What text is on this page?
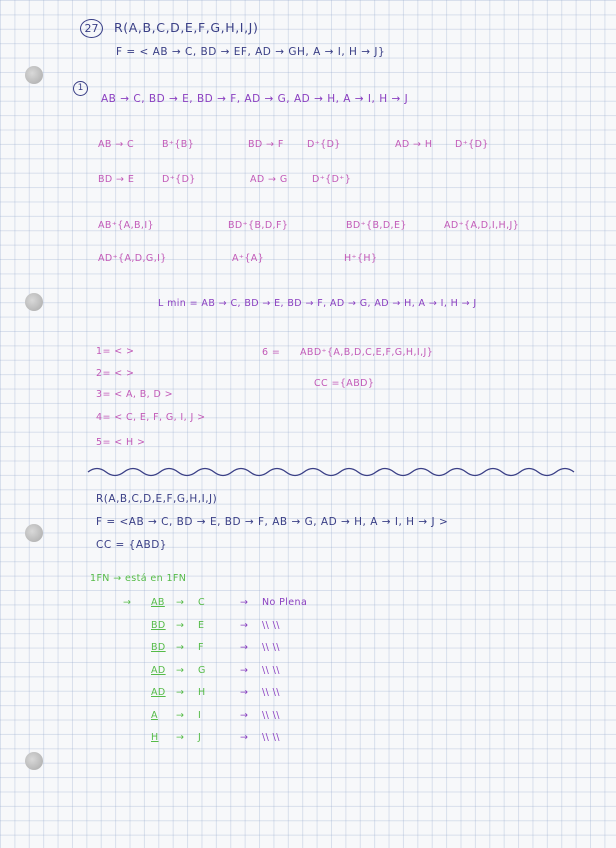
27	R(A,B,C,D,E,F,G,H,I,J)
F = < AB → C, BD → EF, AD → GH, A → I, H → J}
1
AB → C, BD → E, BD → F, AD → G, AD → H, A → I, H → J
AB → C	B⁺{B}	BD → F D⁺{D}	AD → H D⁺{D}
BD → E	D⁺{D}	AD → G	D⁺{D⁺}
AB⁺{A,B,I}	BD⁺{B,D,F}	BD⁺{B,D,E}	AD⁺{A,D,I,H,J}
AD⁺{A,D,G,I}	A⁺{A}	H⁺{H}
L min = AB → C, BD → E, BD → F, AD → G, AD → H, A → I, H → J
1= < >
2= < >
3= < A, B, D >
4= < C, E, F, G, I, J >
5= < H >
6 = ABD⁺{A,B,D,C,E,F,G,H,I,J}
CC ={ABD}
R(A,B,C,D,E,F,G,H,I,J)
F = <AB → C, BD → E, BD → F, AB → G, AD → H, A → I, H → J >
CC = {ABD}
1FN → está en 1FN
→ AB → C	→ No Plena
BD → E	→ \\ \\
BD → F	→ \\ \\
AD → G	→ \\ \\
AD → H	→ \\ \\
A → I	→ \\ \\
H → J	→ \\ \\
